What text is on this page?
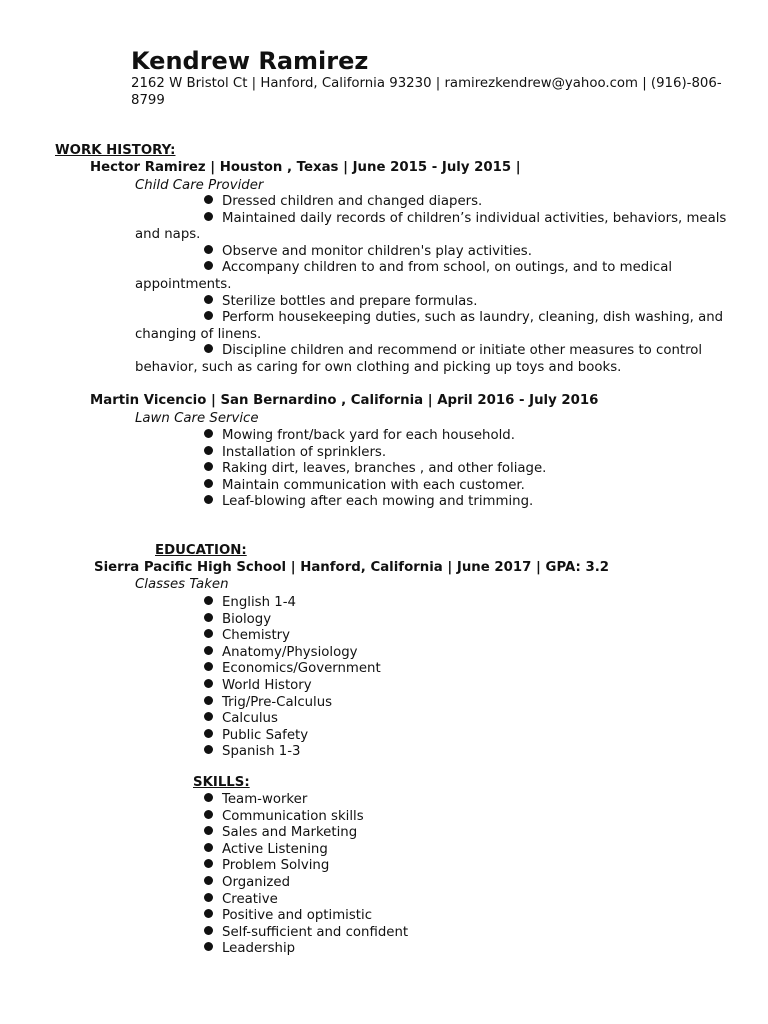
Kendrew Ramirez
2162 W Bristol Ct | Hanford, California 93230 | ramirezkendrew@yahoo.com | (916)-806-8799
WORK HISTORY:
Hector Ramirez | Houston , Texas | June 2015 - July 2015 |
Child Care Provider
Dressed children and changed diapers.
Maintained daily records of children’s individual activities, behaviors, meals and naps.
Observe and monitor children's play activities.
Accompany children to and from school, on outings, and to medical appointments.
Sterilize bottles and prepare formulas.
Perform housekeeping duties, such as laundry, cleaning, dish washing, and changing of linens.
Discipline children and recommend or initiate other measures to control behavior, such as caring for own clothing and picking up toys and books.
Martin Vicencio | San Bernardino , California | April 2016 - July 2016
Lawn Care Service
Mowing front/back yard for each household.
Installation of sprinklers.
Raking dirt, leaves, branches , and other foliage.
Maintain communication with each customer.
Leaf-blowing after each mowing and trimming.
EDUCATION:
Sierra Pacific High School | Hanford, California | June 2017 | GPA: 3.2
Classes Taken
English 1-4
Biology
Chemistry
Anatomy/Physiology
Economics/Government
World History
Trig/Pre-Calculus
Calculus
Public Safety
Spanish 1-3
SKILLS:
Team-worker
Communication skills
Sales and Marketing
Active Listening
Problem Solving
Organized
Creative
Positive and optimistic
Self-sufficient and confident
Leadership
